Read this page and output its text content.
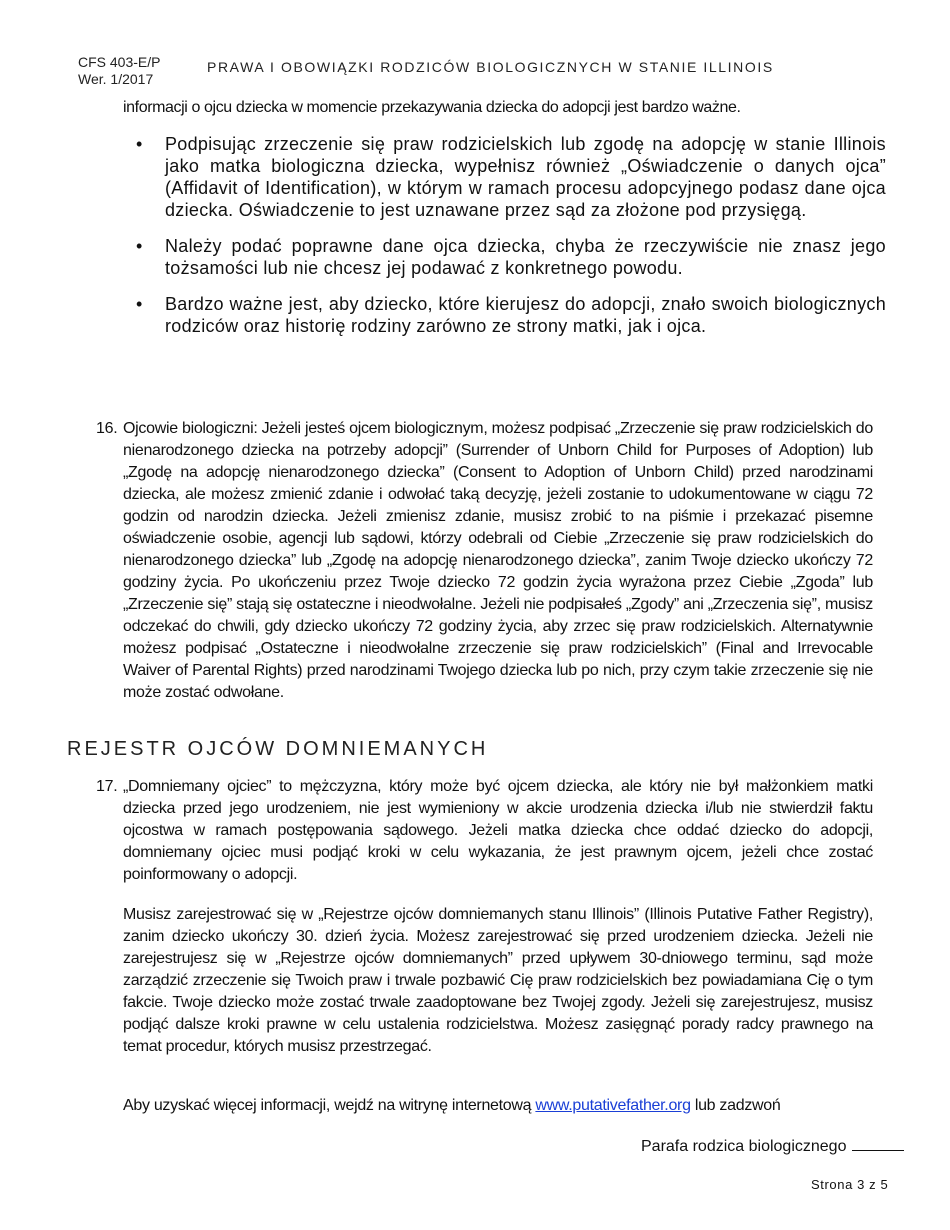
CFS 403-E/P
Wer. 1/2017
PRAWA I OBOWIĄZKI RODZICÓW BIOLOGICZNYCH W STANIE ILLINOIS
informacji o ojcu dziecka w momencie przekazywania dziecka do adopcji jest bardzo ważne.
• Podpisując zrzeczenie się praw rodzicielskich lub zgodę na adopcję w stanie Illinois jako matka biologiczna dziecka, wypełnisz również „Oświadczenie o danych ojca” (Affidavit of Identification), w którym w ramach procesu adopcyjnego podasz dane ojca dziecka. Oświadczenie to jest uznawane przez sąd za złożone pod przysięgą.
• Należy podać poprawne dane ojca dziecka, chyba że rzeczywiście nie znasz jego tożsamości lub nie chcesz jej podawać z konkretnego powodu.
• Bardzo ważne jest, aby dziecko, które kierujesz do adopcji, znało swoich biologicznych rodziców oraz historię rodziny zarówno ze strony matki, jak i ojca.
16. Ojcowie biologiczni: Jeżeli jesteś ojcem biologicznym, możesz podpisać „Zrzeczenie się praw rodzicielskich do nienarodzonego dziecka na potrzeby adopcji” (Surrender of Unborn Child for Purposes of Adoption) lub „Zgodę na adopcję nienarodzonego dziecka” (Consent to Adoption of Unborn Child) przed narodzinami dziecka, ale możesz zmienić zdanie i odwołać taką decyzję, jeżeli zostanie to udokumentowane w ciągu 72 godzin od narodzin dziecka. Jeżeli zmienisz zdanie, musisz zrobić to na piśmie i przekazać pisemne oświadczenie osobie, agencji lub sądowi, którzy odebrali od Ciebie „Zrzeczenie się praw rodzicielskich do nienarodzonego dziecka” lub „Zgodę na adopcję nienarodzonego dziecka”, zanim Twoje dziecko ukończy 72 godziny życia. Po ukończeniu przez Twoje dziecko 72 godzin życia wyrażona przez Ciebie „Zgoda” lub „Zrzeczenie się” stają się ostateczne i nieodwołalne. Jeżeli nie podpisałeś „Zgody” ani „Zrzeczenia się”, musisz odczekać do chwili, gdy dziecko ukończy 72 godziny życia, aby zrzec się praw rodzicielskich. Alternatywnie możesz podpisać „Ostateczne i nieodwołalne zrzeczenie się praw rodzicielskich” (Final and Irrevocable Waiver of Parental Rights) przed narodzinami Twojego dziecka lub po nich, przy czym takie zrzeczenie się nie może zostać odwołane.
REJESTR OJCÓW DOMNIEMANYCH
17. „Domniemany ojciec” to mężczyzna, który może być ojcem dziecka, ale który nie był małżonkiem matki dziecka przed jego urodzeniem, nie jest wymieniony w akcie urodzenia dziecka i/lub nie stwierdził faktu ojcostwa w ramach postępowania sądowego. Jeżeli matka dziecka chce oddać dziecko do adopcji, domniemany ojciec musi podjąć kroki w celu wykazania, że jest prawnym ojcem, jeżeli chce zostać poinformowany o adopcji.
Musisz zarejestrować się w „Rejestrze ojców domniemanych stanu Illinois” (Illinois Putative Father Registry), zanim dziecko ukończy 30. dzień życia. Możesz zarejestrować się przed urodzeniem dziecka. Jeżeli nie zarejestrujesz się w „Rejestrze ojców domniemanych” przed upływem 30-dniowego terminu, sąd może zarządzić zrzeczenie się Twoich praw i trwale pozbawić Cię praw rodzicielskich bez powiadamiana Cię o tym fakcie. Twoje dziecko może zostać trwale zaadoptowane bez Twojej zgody. Jeżeli się zarejestrujesz, musisz podjąć dalsze kroki prawne w celu ustalenia rodzicielstwa. Możesz zasięgnąć porady radcy prawnego na temat procedur, których musisz przestrzegać.
Aby uzyskać więcej informacji, wejdź na witrynę internetową www.putativefather.org lub zadzwoń
Parafa rodzica biologicznego
Strona 3 z 5
